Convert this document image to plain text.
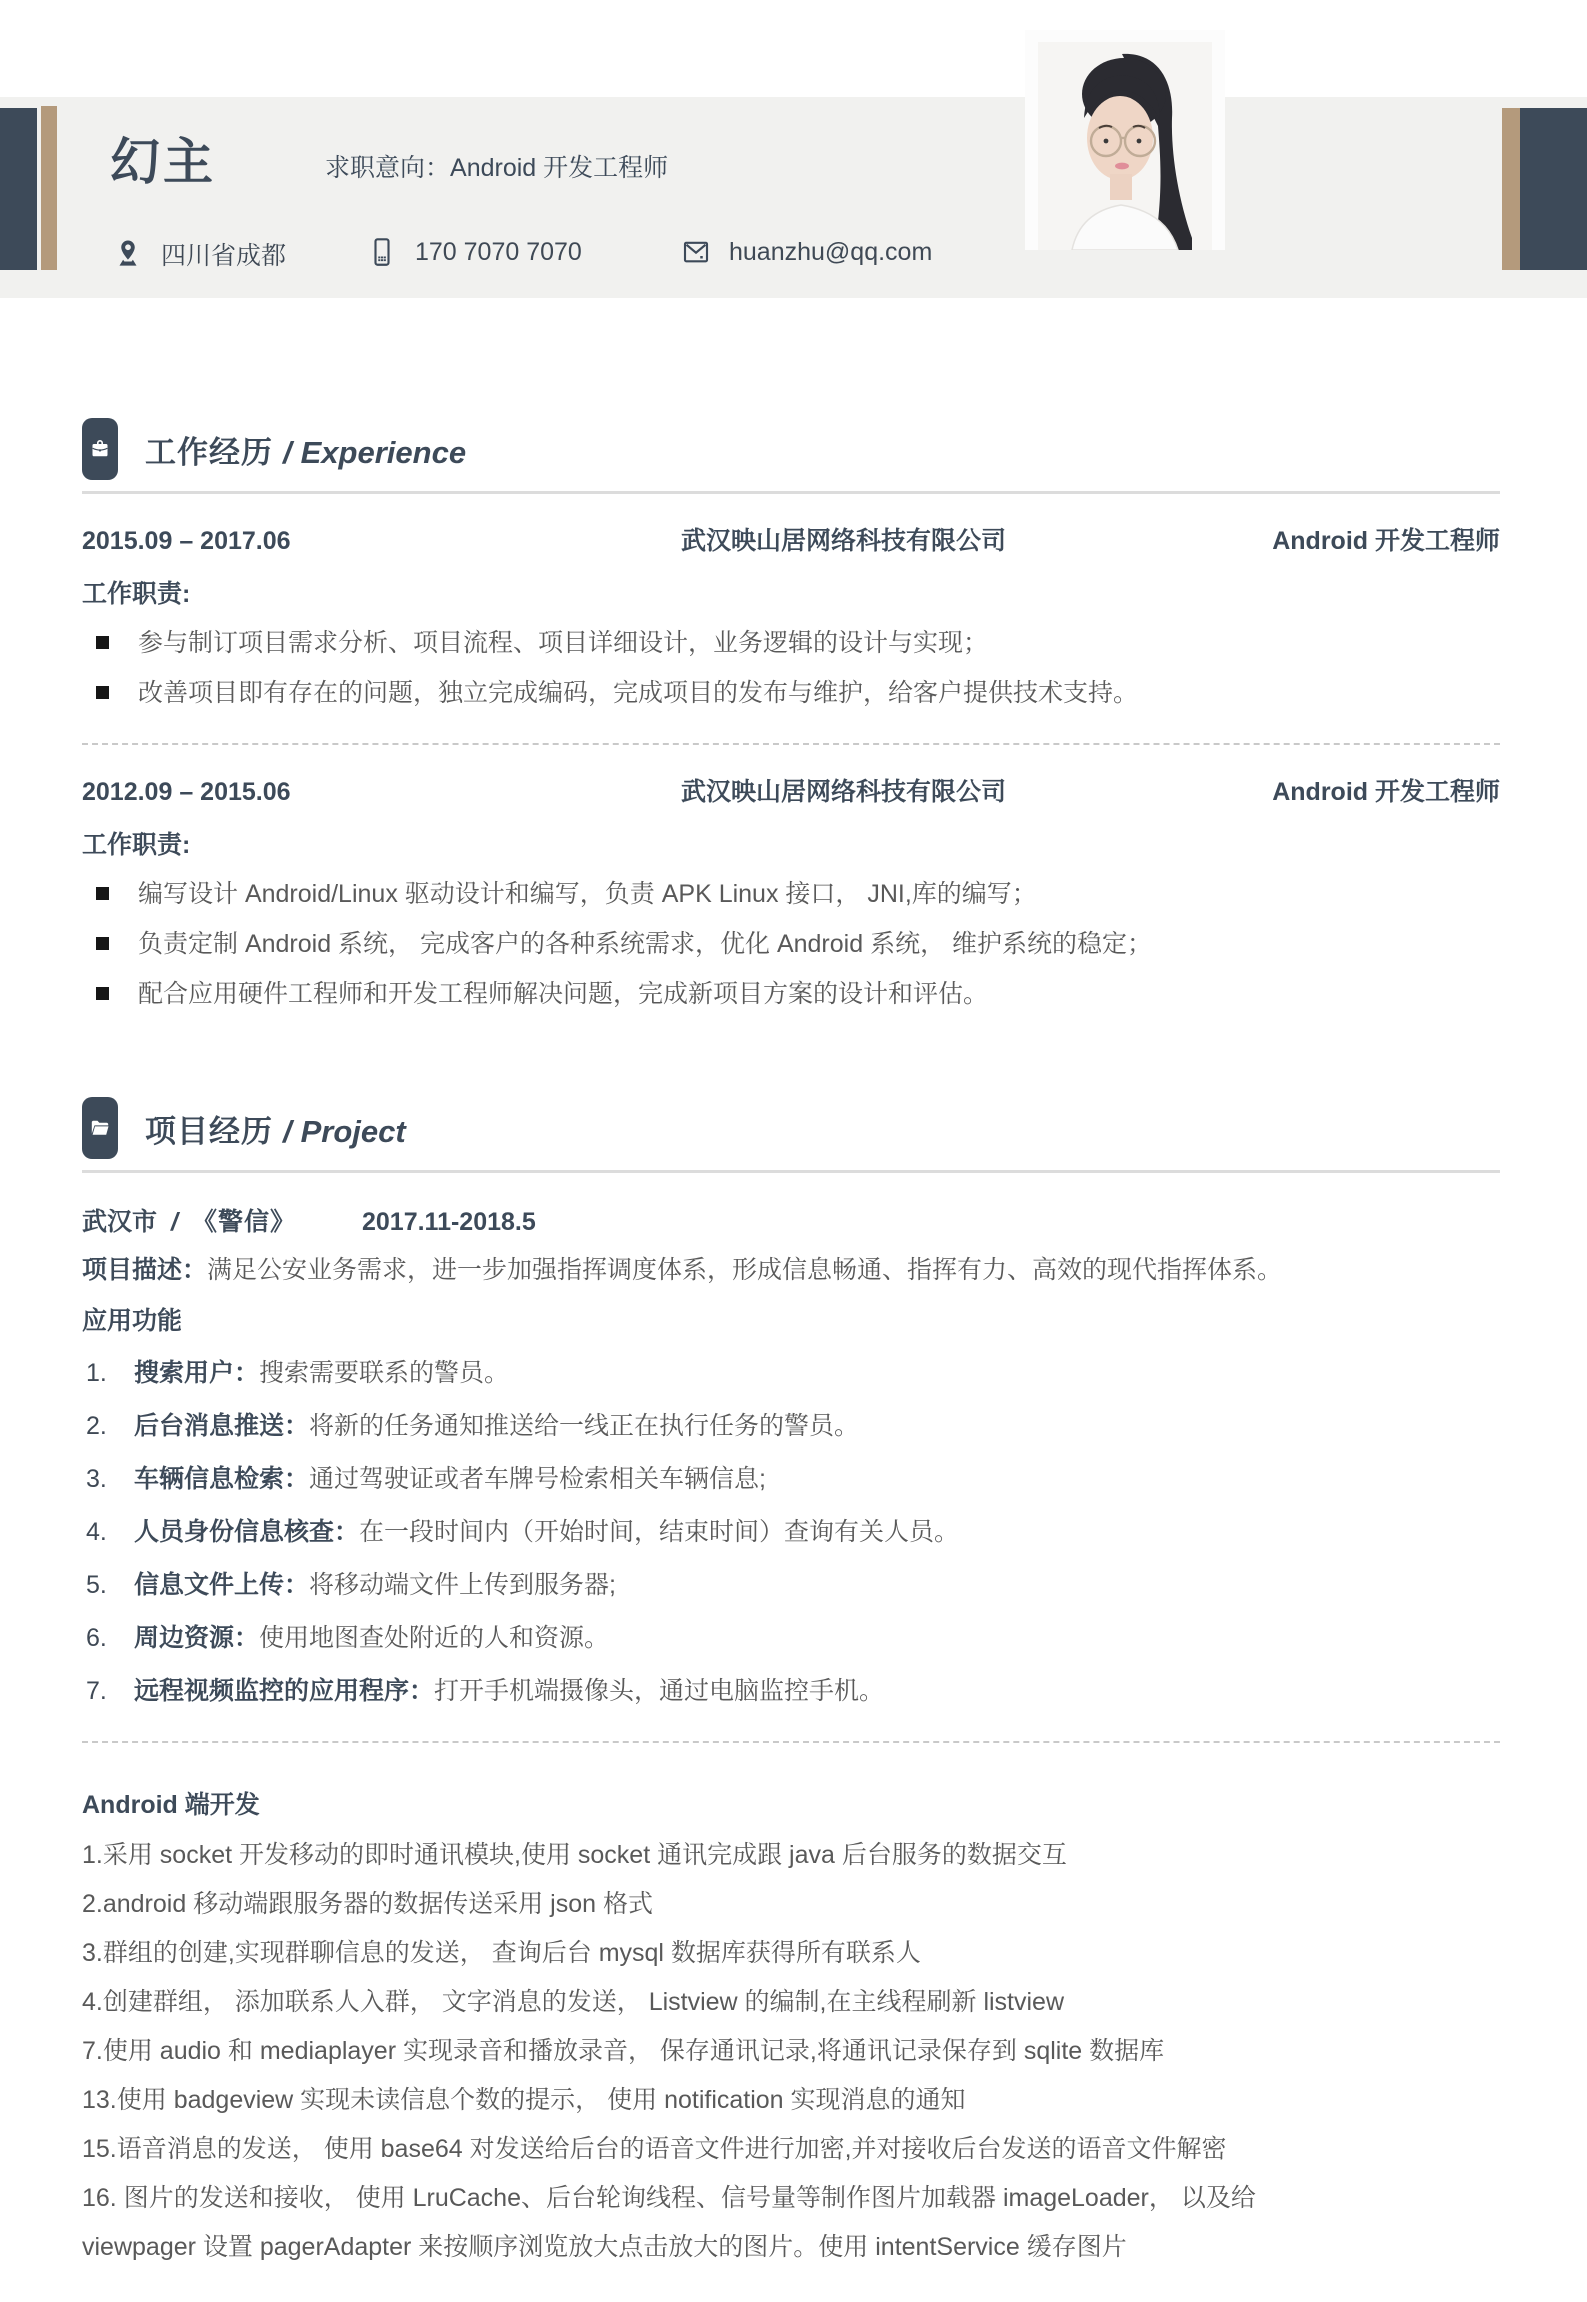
幻主	求职意向：Android 开发工程师
四川省成都	170 7070 7070	huanzhu@qq.com
工作经历 / Experience
2015.09 – 2017.06	武汉映山居网络科技有限公司	Android 开发工程师
工作职责:
参与制订项目需求分析、项目流程、项目详细设计，业务逻辑的设计与实现；
改善项目即有存在的问题，独立完成编码，完成项目的发布与维护，给客户提供技术支持。
2012.09 – 2015.06	武汉映山居网络科技有限公司	Android 开发工程师
工作职责:
编写设计 Android/Linux 驱动设计和编写，负责 APK Linux 接口， JNI,库的编写；
负责定制 Android 系统， 完成客户的各种系统需求，优化 Android 系统， 维护系统的稳定；
配合应用硬件工程师和开发工程师解决问题，完成新项目方案的设计和评估。
项目经历 / Project
武汉市 / 《警信》	2017.11-2018.5
项目描述：满足公安业务需求，进一步加强指挥调度体系，形成信息畅通、指挥有力、高效的现代指挥体系。
应用功能
1.	搜索用户：搜索需要联系的警员。
2.	后台消息推送：将新的任务通知推送给一线正在执行任务的警员。
3.	车辆信息检索：通过驾驶证或者车牌号检索相关车辆信息;
4.	人员身份信息核查：在一段时间内（开始时间，结束时间）查询有关人员。
5.	信息文件上传：将移动端文件上传到服务器;
6.	周边资源：使用地图查处附近的人和资源。
7.	远程视频监控的应用程序：打开手机端摄像头，通过电脑监控手机。
Android 端开发
1.采用 socket 开发移动的即时通讯模块,使用 socket 通讯完成跟 java 后台服务的数据交互
2.android 移动端跟服务器的数据传送采用 json 格式
3.群组的创建,实现群聊信息的发送， 查询后台 mysql 数据库获得所有联系人
4.创建群组， 添加联系人入群， 文字消息的发送， Listview 的编制,在主线程刷新 listview
7.使用 audio 和 mediaplayer 实现录音和播放录音， 保存通讯记录,将通讯记录保存到 sqlite 数据库
13.使用 badgeview 实现未读信息个数的提示， 使用 notification 实现消息的通知
15.语音消息的发送， 使用 base64 对发送给后台的语音文件进行加密,并对接收后台发送的语音文件解密
16. 图片的发送和接收， 使用 LruCache、后台轮询线程、信号量等制作图片加载器 imageLoader， 以及给
viewpager 设置 pagerAdapter 来按顺序浏览放大点击放大的图片。使用 intentService 缓存图片
